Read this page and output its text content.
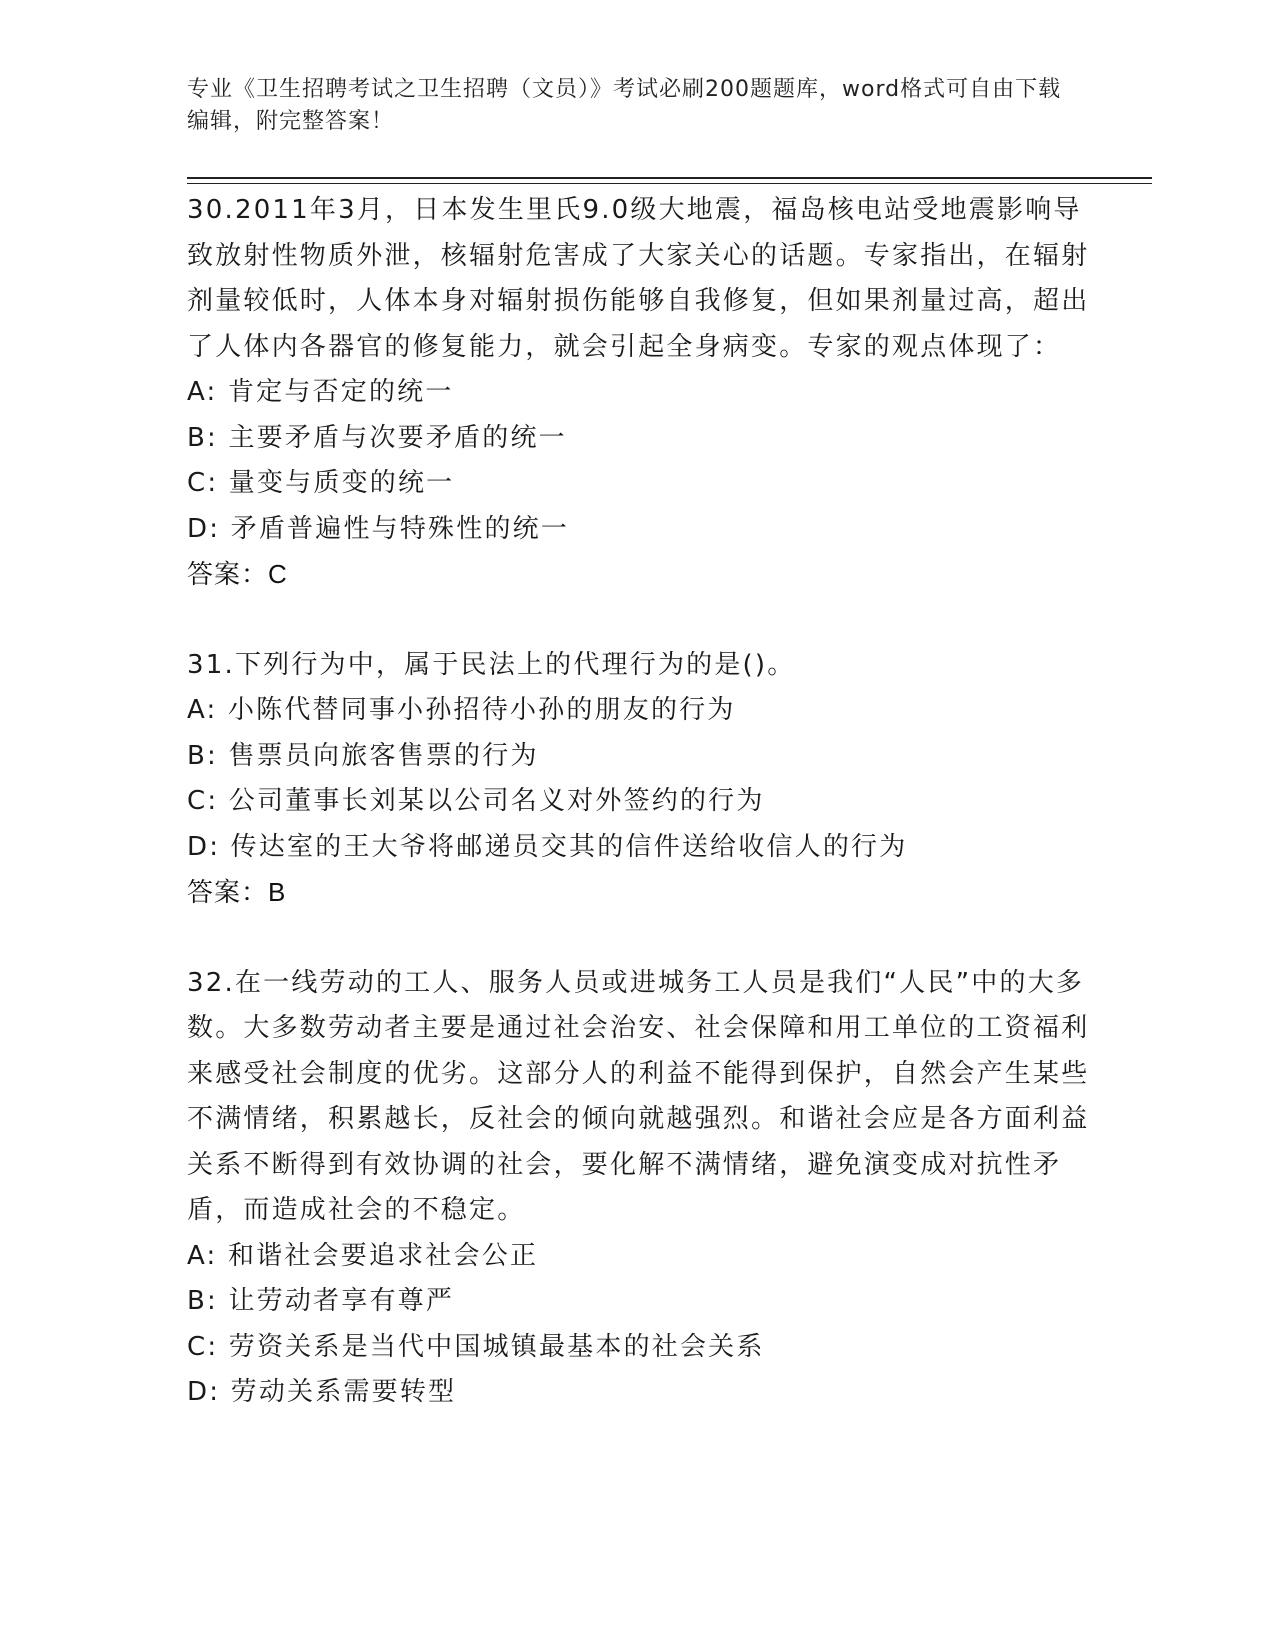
专业《卫生招聘考试之卫生招聘（文员）》考试必刷200题题库，word格式可自由下载编辑，附完整答案！
30.2011年3月，日本发生里氏9.0级大地震，福岛核电站受地震影响导致放射性物质外泄，核辐射危害成了大家关心的话题。专家指出，在辐射剂量较低时，人体本身对辐射损伤能够自我修复，但如果剂量过高，超出了人体内各器官的修复能力，就会引起全身病变。专家的观点体现了：
A: 肯定与否定的统一
B: 主要矛盾与次要矛盾的统一
C: 量变与质变的统一
D: 矛盾普遍性与特殊性的统一
答案：C
31.下列行为中，属于民法上的代理行为的是()。
A: 小陈代替同事小孙招待小孙的朋友的行为
B: 售票员向旅客售票的行为
C: 公司董事长刘某以公司名义对外签约的行为
D: 传达室的王大爷将邮递员交其的信件送给收信人的行为
答案：B
32.在一线劳动的工人、服务人员或进城务工人员是我们“人民”中的大多数。大多数劳动者主要是通过社会治安、社会保障和用工单位的工资福利来感受社会制度的优劣。这部分人的利益不能得到保护，自然会产生某些不满情绪，积累越长，反社会的倾向就越强烈。和谐社会应是各方面利益关系不断得到有效协调的社会，要化解不满情绪，避免演变成对抗性矛盾，而造成社会的不稳定。
A: 和谐社会要追求社会公正
B: 让劳动者享有尊严
C: 劳资关系是当代中国城镇最基本的社会关系
D: 劳动关系需要转型
